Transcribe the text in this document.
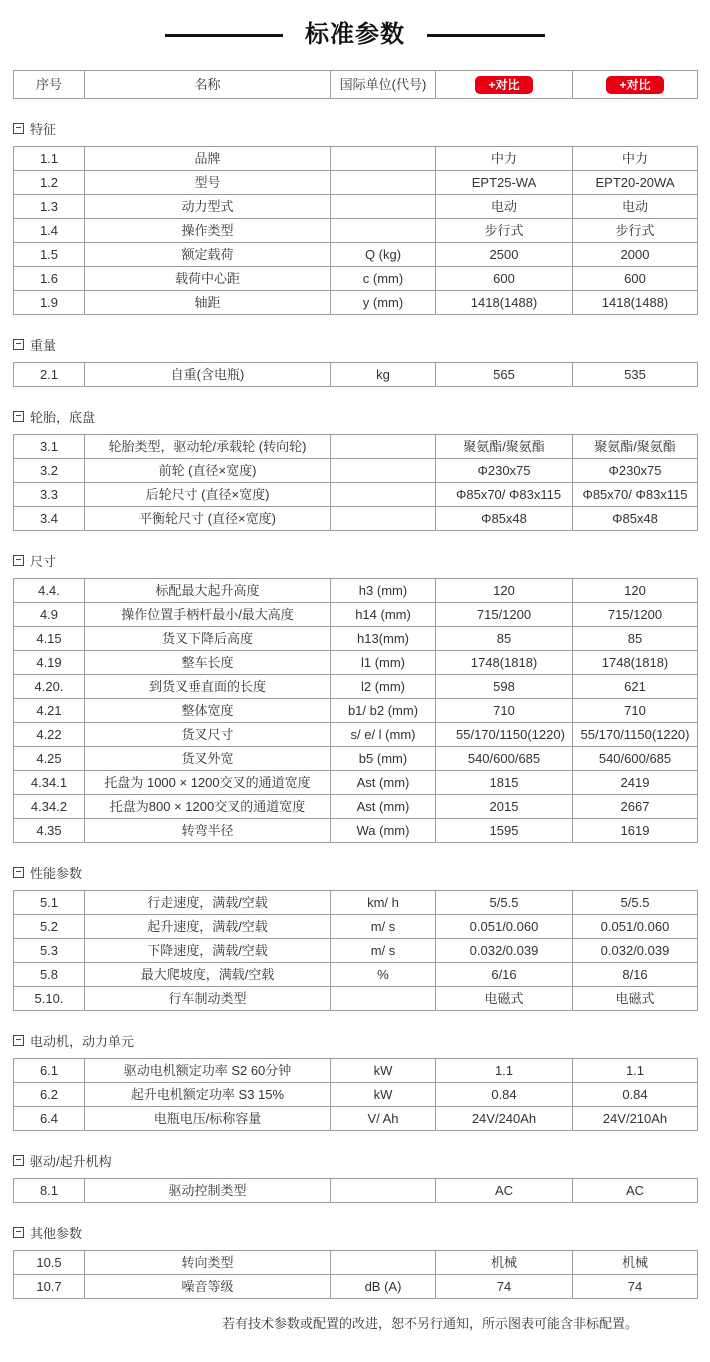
标准参数
序号	名称	国际单位(代号)	+对比	+对比
特征
1.1	品牌		中力	中力
1.2	型号		EPT25-WA	EPT20-20WA
1.3	动力型式		电动	电动
1.4	操作类型		步行式	步行式
1.5	额定载荷	Q (kg)	2500	2000
1.6	载荷中心距	c (mm)	600	600
1.9	轴距	y (mm)	1418(1488)	1418(1488)
重量
2.1	自重(含电瓶)	kg	565	535
轮胎，底盘
3.1	轮胎类型，驱动轮/承载轮 (转向轮)		聚氨酯/聚氨酯	聚氨酯/聚氨酯
3.2	前轮 (直径×宽度)		Φ230x75	Φ230x75
3.3	后轮尺寸 (直径×宽度)		Φ85x70/ Φ83x115	Φ85x70/ Φ83x115
3.4	平衡轮尺寸 (直径×宽度)		Φ85x48	Φ85x48
尺寸
4.4.	标配最大起升高度	h3 (mm)	120	120
4.9	操作位置手柄杆最小/最大高度	h14 (mm)	715/1200	715/1200
4.15	货叉下降后高度	h13(mm)	85	85
4.19	整车长度	l1 (mm)	1748(1818)	1748(1818)
4.20.	到货叉垂直面的长度	l2 (mm)	598	621
4.21	整体宽度	b1/ b2 (mm)	710	710
4.22	货叉尺寸	s/ e/ l (mm)	55/170/1150(1220)	55/170/1150(1220)
4.25	货叉外宽	b5 (mm)	540/600/685	540/600/685
4.34.1	托盘为 1000 × 1200交叉的通道宽度	Ast (mm)	1815	2419
4.34.2	托盘为800 × 1200交叉的通道宽度	Ast (mm)	2015	2667
4.35	转弯半径	Wa (mm)	1595	1619
性能参数
5.1	行走速度，满载/空载	km/ h	5/5.5	5/5.5
5.2	起升速度，满载/空载	m/ s	0.051/0.060	0.051/0.060
5.3	下降速度，满载/空载	m/ s	0.032/0.039	0.032/0.039
5.8	最大爬坡度，满载/空载	%	6/16	8/16
5.10.	行车制动类型		电磁式	电磁式
电动机，动力单元
6.1	驱动电机额定功率 S2 60分钟	kW	1.1	1.1
6.2	起升电机额定功率 S3 15%	kW	0.84	0.84
6.4	电瓶电压/标称容量	V/ Ah	24V/240Ah	24V/210Ah
驱动/起升机构
8.1	驱动控制类型		AC	AC
其他参数
10.5	转向类型		机械	机械
10.7	噪音等级	dB (A)	74	74
若有技术参数或配置的改进，恕不另行通知，所示图表可能含非标配置。
